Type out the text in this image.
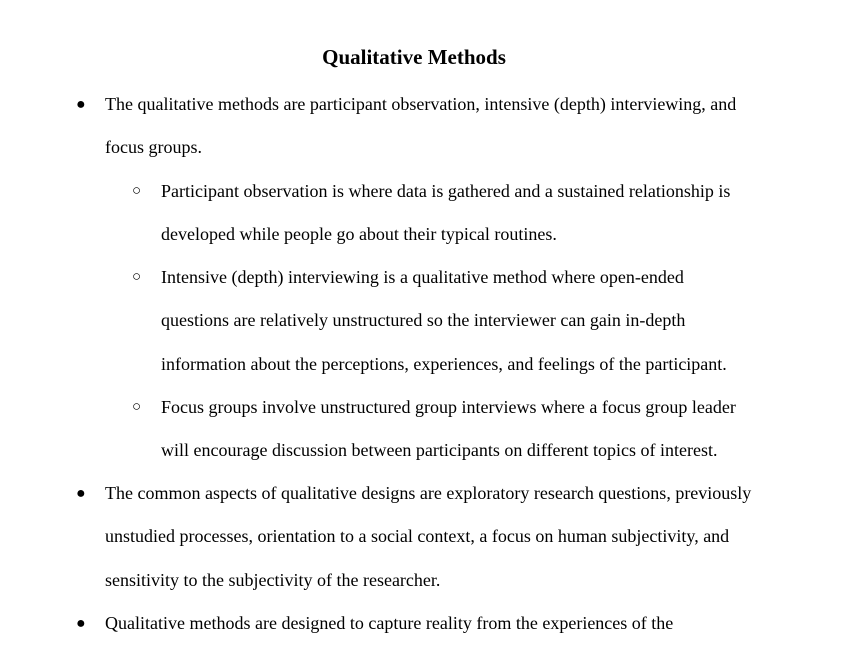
Qualitative Methods
● The qualitative methods are participant observation, intensive (depth) interviewing, and
focus groups.
○ Participant observation is where data is gathered and a sustained relationship is
developed while people go about their typical routines.
○ Intensive (depth) interviewing is a qualitative method where open-ended
questions are relatively unstructured so the interviewer can gain in-depth
information about the perceptions, experiences, and feelings of the participant.
○ Focus groups involve unstructured group interviews where a focus group leader
will encourage discussion between participants on different topics of interest.
● The common aspects of qualitative designs are exploratory research questions, previously
unstudied processes, orientation to a social context, a focus on human subjectivity, and
sensitivity to the subjectivity of the researcher.
● Qualitative methods are designed to capture reality from the experiences of the
